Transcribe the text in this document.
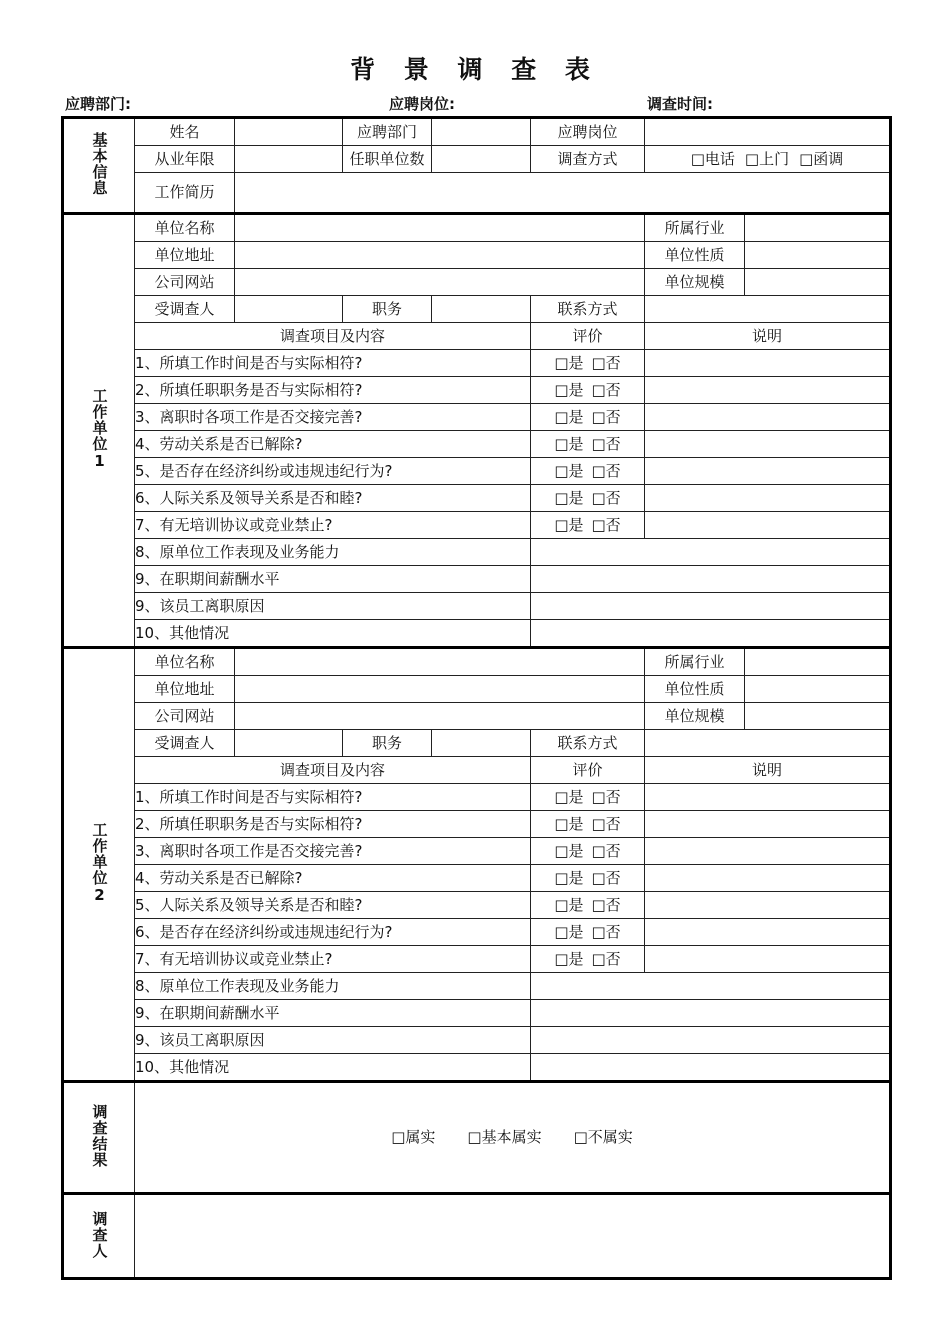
背 景 调 查 表
应聘部门:	应聘岗位:	调查时间:
基本信息	姓名		应聘部门		应聘岗位		
	从业年限		任职单位数		调查方式	□电话 □上门 □函调	
	工作简历						
工作单位1	单位名称					所属行业	
	单位地址					单位性质	
	公司网站					单位规模	
	受调查人		职务		联系方式		
	调查项目及内容				评价	说明	
	1、所填工作时间是否与实际相符?				□是 □否		
	2、所填任职职务是否与实际相符?				□是 □否		
	3、离职时各项工作是否交接完善?				□是 □否		
	4、劳动关系是否已解除?				□是 □否		
	5、是否存在经济纠纷或违规违纪行为?				□是 □否		
	6、人际关系及领导关系是否和睦?				□是 □否		
	7、有无培训协议或竞业禁止?				□是 □否		
	8、原单位工作表现及业务能力						
	9、在职期间薪酬水平						
	9、该员工离职原因						
	10、其他情况						
工作单位2	单位名称					所属行业	
	单位地址					单位性质	
	公司网站					单位规模	
	受调查人		职务		联系方式		
	调查项目及内容				评价	说明	
	1、所填工作时间是否与实际相符?				□是 □否		
	2、所填任职职务是否与实际相符?				□是 □否		
	3、离职时各项工作是否交接完善?				□是 □否		
	4、劳动关系是否已解除?				□是 □否		
	5、人际关系及领导关系是否和睦?				□是 □否		
	6、是否存在经济纠纷或违规违纪行为?				□是 □否		
	7、有无培训协议或竞业禁止?				□是 □否		
	8、原单位工作表现及业务能力						
	9、在职期间薪酬水平						
	9、该员工离职原因						
	10、其他情况						
调查结果	□属实 □基本属实 □不属实						
调查人							
